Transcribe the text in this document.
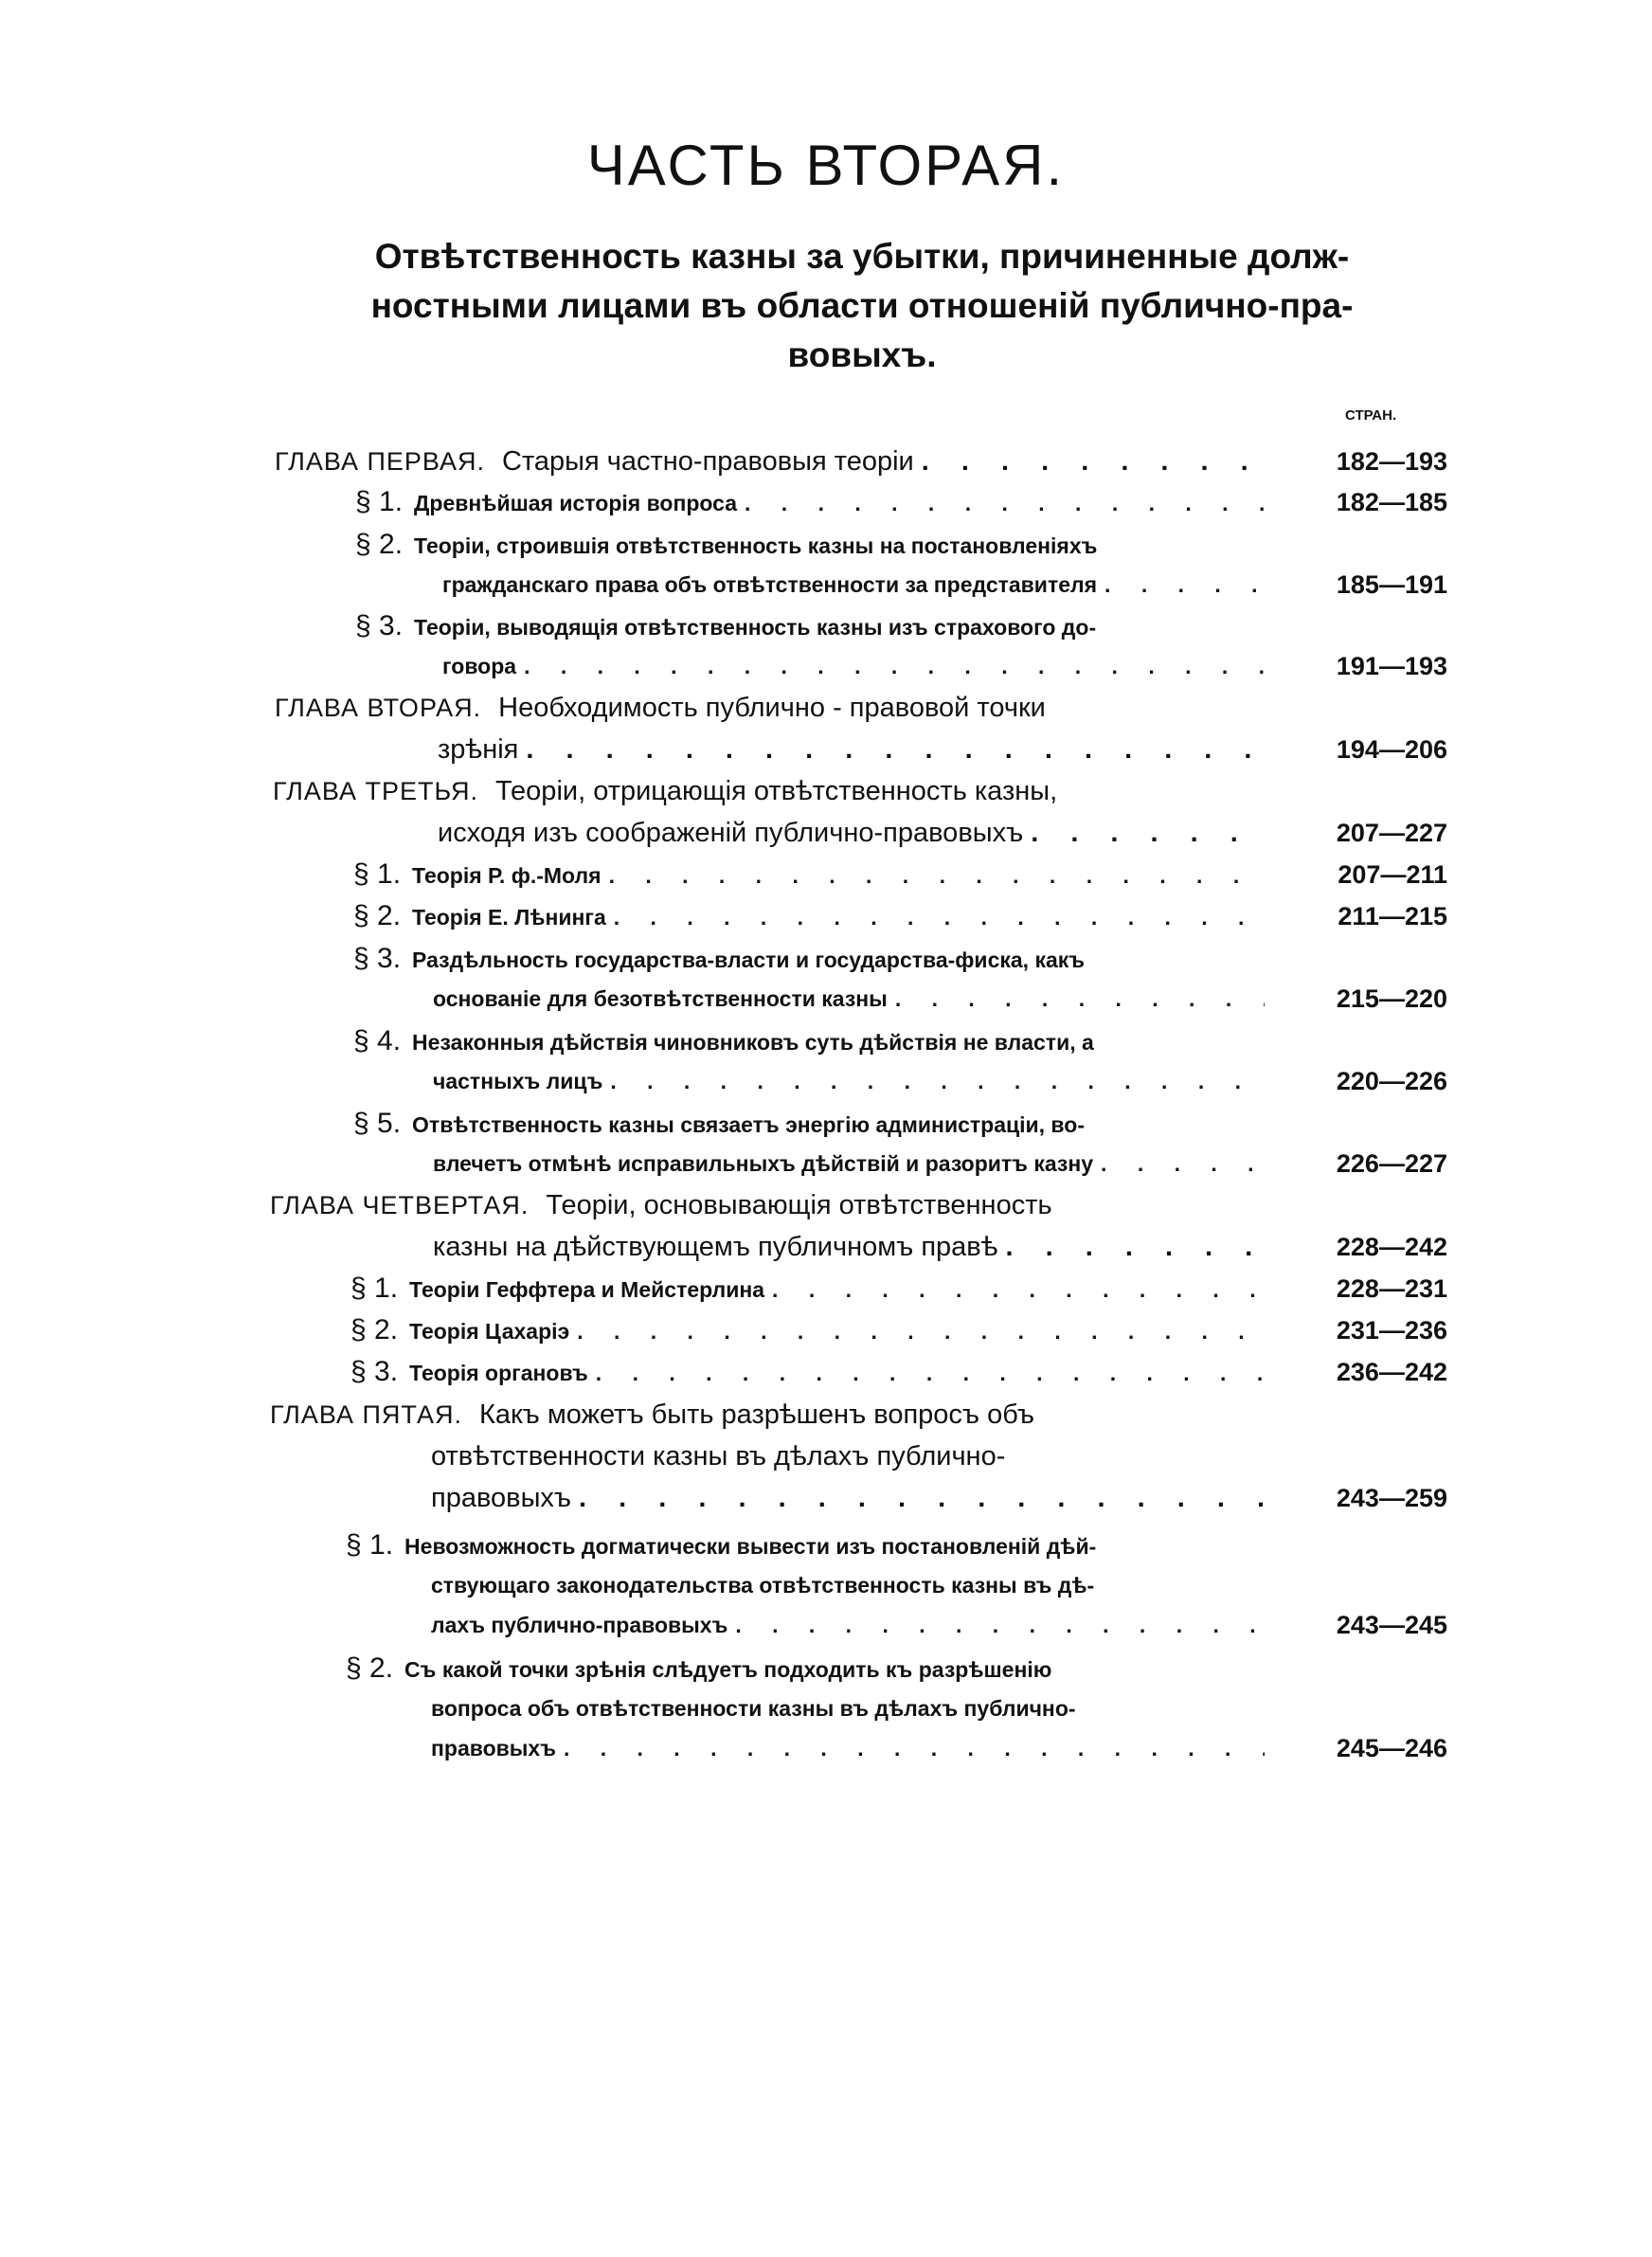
ЧАСТЬ ВТОРАЯ.
Отвѣтственность казны за убытки, причиненные долж-
ностными лицами въ области отношеній публично-пра-
вовыхъ.
СТРАН.
ГЛАВА ПЕРВАЯ. Старыя частно-правовыя теоріи . . .	182—193
§ 1. Древнѣйшая исторія вопроса . . .	182—185
§ 2. Теоріи, строившія отвѣтственность казны на постановленіяхъ
гражданскаго права объ отвѣтственности за представителя . . .	185—191
§ 3. Теоріи, выводящія отвѣтственность казны изъ страхового до-
говора . . .	191—193
ГЛАВА ВТОРАЯ. Необходимость публично - правовой точки
зрѣнія . . .	194—206
ГЛАВА ТРЕТЬЯ. Теоріи, отрицающія отвѣтственность казны,
исходя изъ соображеній публично-правовыхъ . . .	207—227
§ 1. Теорія Р. ф.-Моля . . .	207—211
§ 2. Теорія Е. Лѣнинга . . .	211—215
§ 3. Раздѣльность государства-власти и государства-фиска, какъ
основаніе для безотвѣтственности казны . . .	215—220
§ 4. Незаконныя дѣйствія чиновниковъ суть дѣйствія не власти, а
частныхъ лицъ . . .	220—226
§ 5. Отвѣтственность казны связаетъ энергію администраціи, во-
влечетъ отмѣнѣ исправильныхъ дѣйствій и разоритъ казну . . .	226—227
ГЛАВА ЧЕТВЕРТАЯ. Теоріи, основывающія отвѣтственность
казны на дѣйствующемъ публичномъ правѣ . . .	228—242
§ 1. Теоріи Геффтера и Мейстерлина . . .	228—231
§ 2. Теорія Цахаріэ . . .	231—236
§ 3. Теорія органовъ . . .	236—242
ГЛАВА ПЯТАЯ. Какъ можетъ быть разрѣшенъ вопросъ объ
отвѣтственности казны въ дѣлахъ публично-
правовыхъ . . .	243—259
§ 1. Невозможность догматически вывести изъ постановленій дѣй-
ствующаго законодательства отвѣтственность казны въ дѣ-
лахъ публично-правовыхъ . . .	243—245
§ 2. Съ какой точки зрѣнія слѣдуетъ подходить къ разрѣшенію
вопроса объ отвѣтственности казны въ дѣлахъ публично-
правовыхъ . . .	245—246
